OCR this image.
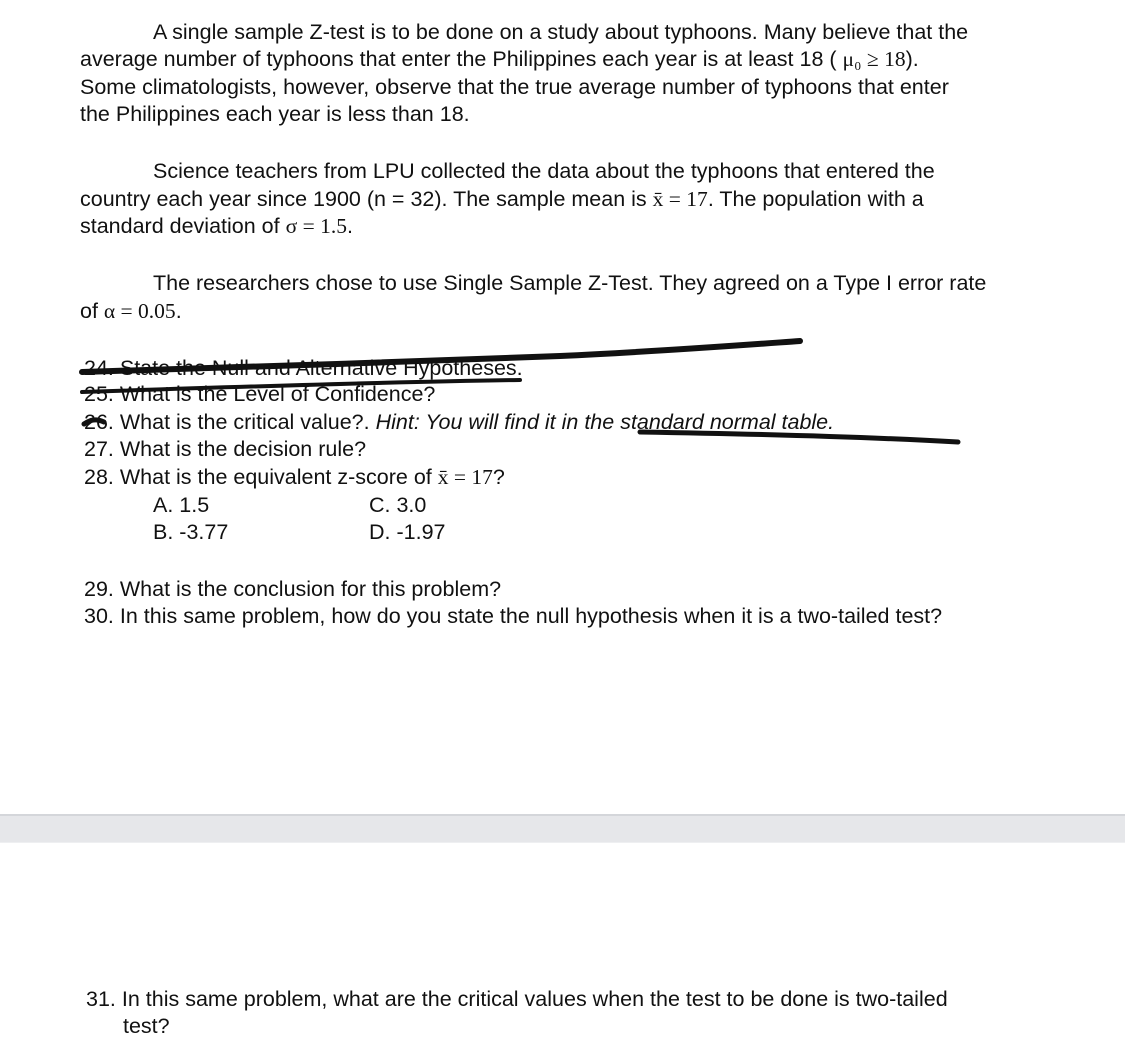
A single sample Z-test is to be done on a study about typhoons. Many believe that the
average number of typhoons that enter the Philippines each year is at least 18 ( μ₀ ≥ 18).
Some climatologists, however, observe that the true average number of typhoons that enter
the Philippines each year is less than 18.
Science teachers from LPU collected the data about the typhoons that entered the
country each year since 1900 (n = 32). The sample mean is x̄ = 17. The population with a
standard deviation of σ = 1.5.
The researchers chose to use Single Sample Z-Test. They agreed on a Type I error rate
of α = 0.05.
24. State the Null and Alternative Hypotheses.
25. What is the Level of Confidence?
26. What is the critical value?. Hint: You will find it in the standard normal table.
27. What is the decision rule?
28. What is the equivalent z-score of x̄ = 17?
A. 1.5	C. 3.0
B. -3.77	D. -1.97
29. What is the conclusion for this problem?
30. In this same problem, how do you state the null hypothesis when it is a two-tailed test?
31. In this same problem, what are the critical values when the test to be done is two-tailed
test?
